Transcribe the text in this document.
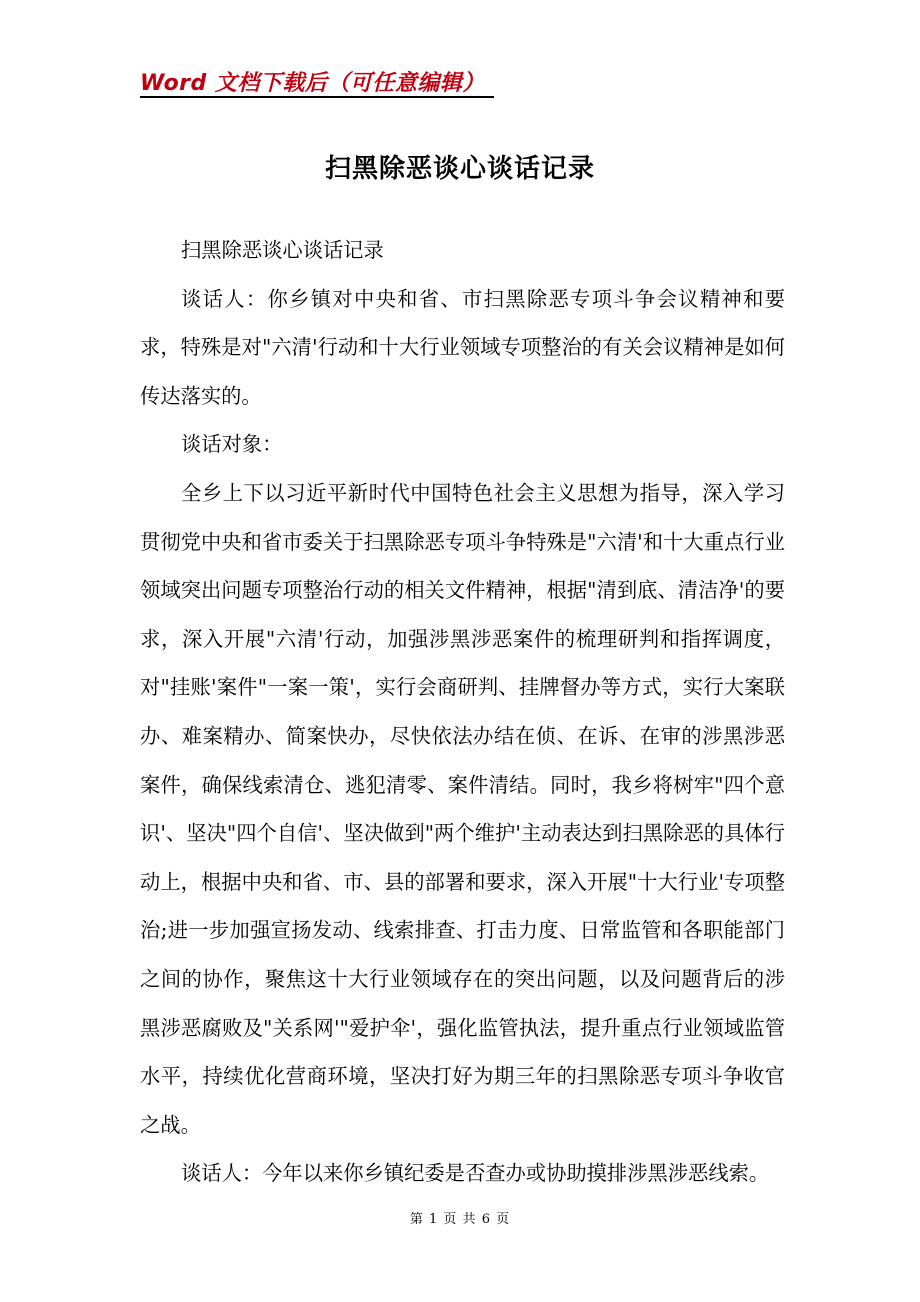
Word 文档下载后（可任意编辑）
扫黑除恶谈心谈话记录

扫黑除恶谈心谈话记录

谈话人：你乡镇对中央和省、市扫黑除恶专项斗争会议精神和要求，特殊是对"六清'行动和十大行业领域专项整治的有关会议精神是如何传达落实的。

谈话对象：

全乡上下以习近平新时代中国特色社会主义思想为指导，深入学习贯彻党中央和省市委关于扫黑除恶专项斗争特殊是"六清'和十大重点行业领域突出问题专项整治行动的相关文件精神，根据"清到底、清洁净'的要求，深入开展"六清'行动，加强涉黑涉恶案件的梳理研判和指挥调度，对"挂账'案件"一案一策'，实行会商研判、挂牌督办等方式，实行大案联办、难案精办、简案快办，尽快依法办结在侦、在诉、在审的涉黑涉恶案件，确保线索清仓、逃犯清零、案件清结。同时，我乡将树牢"四个意识'、坚决"四个自信'、坚决做到"两个维护'主动表达到扫黑除恶的具体行动上，根据中央和省、市、县的部署和要求，深入开展"十大行业'专项整治;进一步加强宣扬发动、线索排查、打击力度、日常监管和各职能部门之间的协作，聚焦这十大行业领域存在的突出问题，以及问题背后的涉黑涉恶腐败及"关系网'"爱护伞'，强化监管执法，提升重点行业领域监管水平，持续优化营商环境，坚决打好为期三年的扫黑除恶专项斗争收官之战。

谈话人：今年以来你乡镇纪委是否查办或协助摸排涉黑涉恶线索。

第 1 页 共 6 页
